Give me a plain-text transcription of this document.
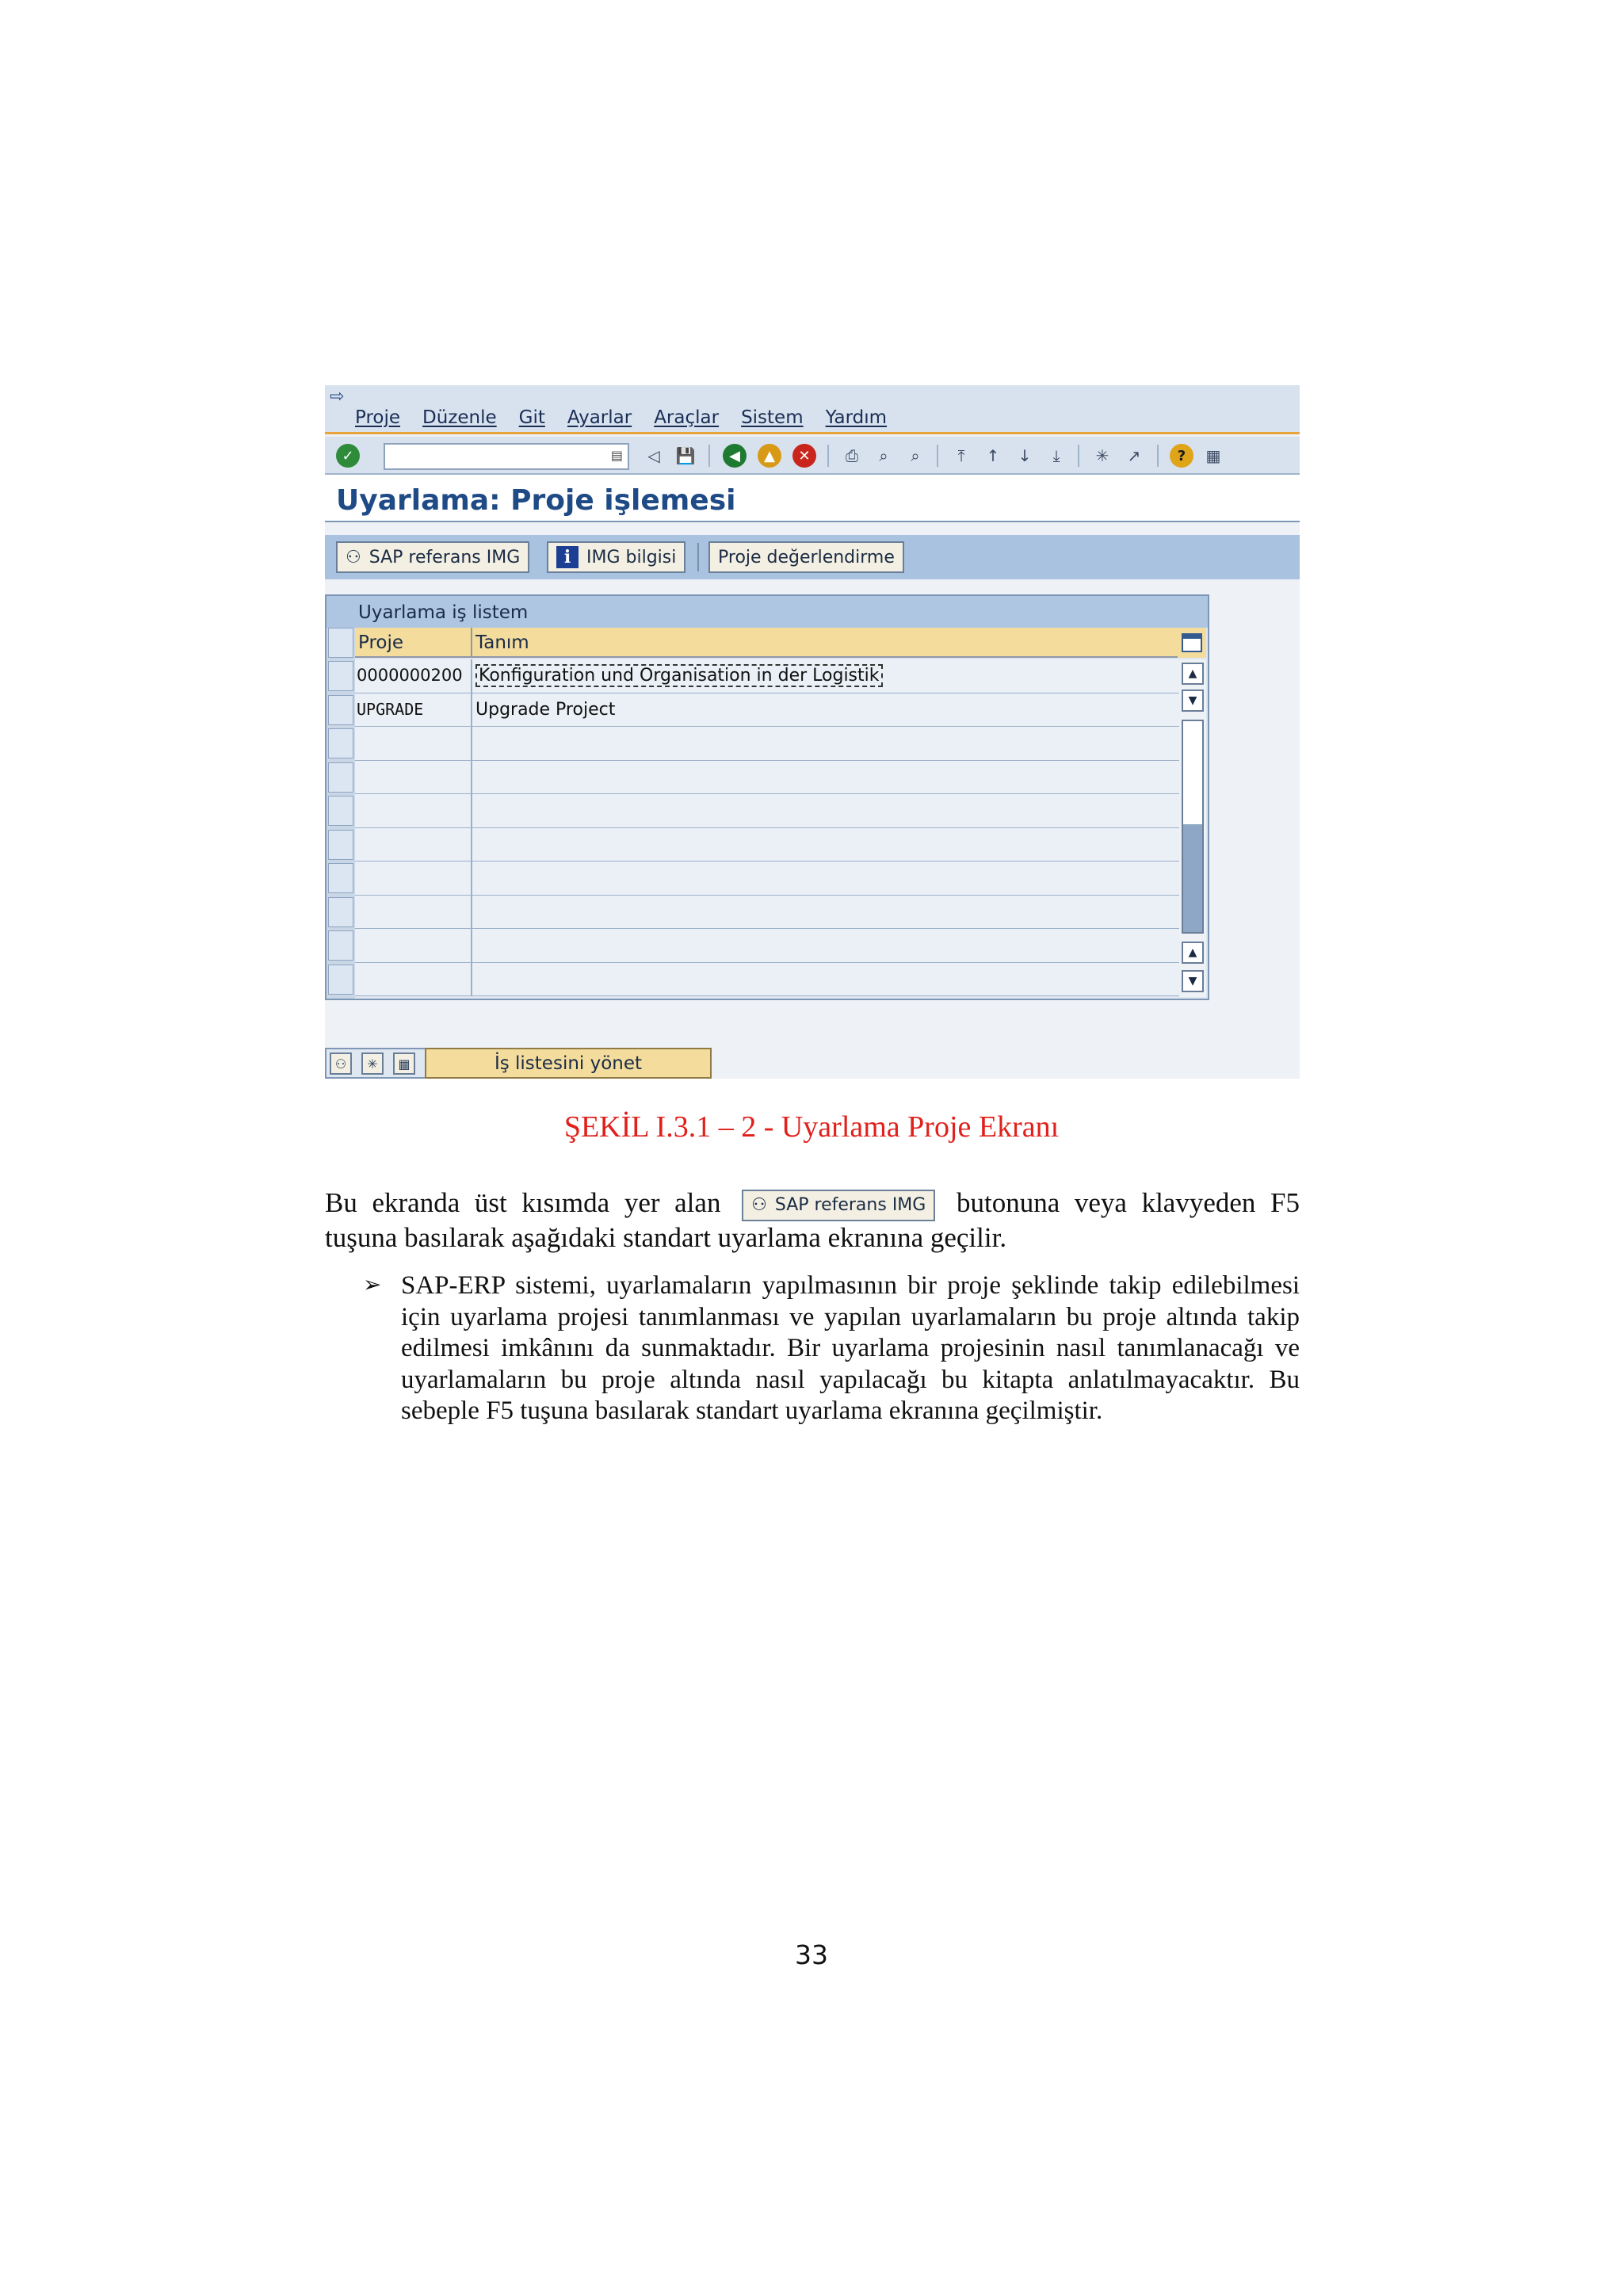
⇨
Proje Düzenle Git Ayarlar Araçlar Sistem Yardım
✓	▤	◁ 💾	◀	▲	✕	⎙	⌕	⌕	⤒	↑	↓	⤓	✳	↗	?	▦
Uyarlama: Proje işlemesi
⚇ SAP referans IMG	i IMG bilgisi Proje değerlendirme
Uyarlama iş listem
Proje	Tanım
0000000200 Konfiguration und Organisation in der Logistik
UPGRADE	Upgrade Project
▲
▼
▲
▼
⚇	✳	▦	İş listesini yönet
ŞEKİL I.3.1 – 2 - Uyarlama Proje Ekranı
Bu ekranda üst kısımda yer alan ⚇ SAP referans IMG butonuna veya klavyeden F5
tuşuna basılarak aşağıdaki standart uyarlama ekranına geçilir.
➢ SAP-ERP sistemi, uyarlamaların yapılmasının bir proje şeklinde takip edilebilmesi için uyarlama projesi tanımlanması ve yapılan uyarlamaların bu proje altında takip edilmesi imkânını da sunmaktadır. Bir uyarlama projesinin nasıl tanımlanacağı ve uyarlamaların bu proje altında nasıl yapılacağı bu kitapta anlatılmayacaktır. Bu sebeple F5 tuşuna basılarak standart uyarlama ekranına geçilmiştir.
33
